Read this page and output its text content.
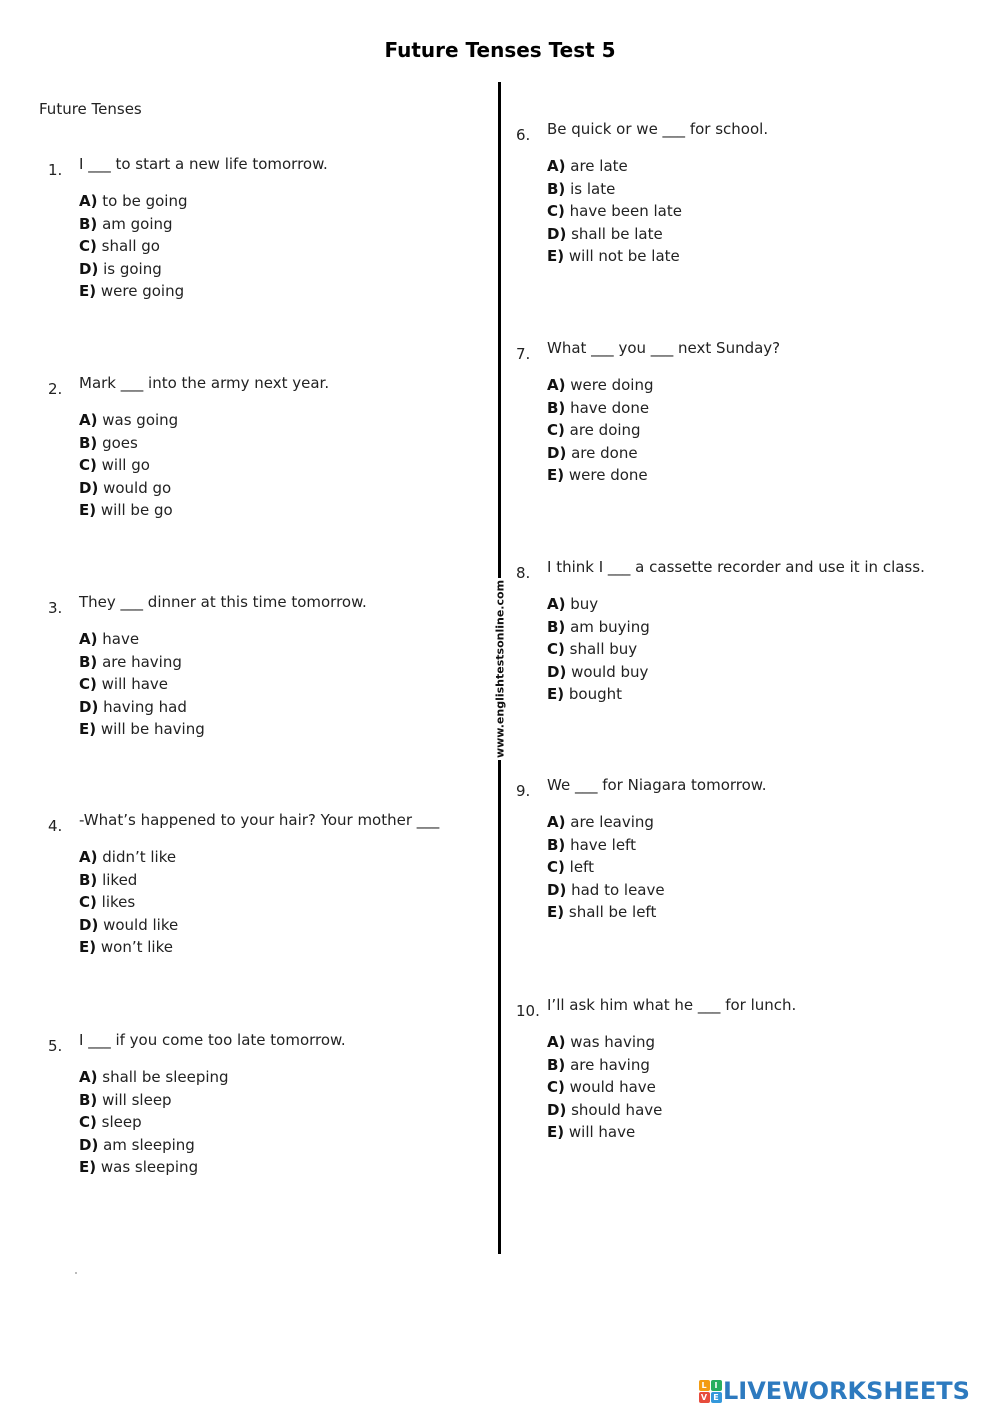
Future Tenses Test 5
Future Tenses
www.englishtestsonline.com
1. I ___ to start a new life tomorrow.
A) to be going
B) am going
C) shall go
D) is going
E) were going
2. Mark ___ into the army next year.
A) was going
B) goes
C) will go
D) would go
E) will be go
3. They ___ dinner at this time tomorrow.
A) have
B) are having
C) will have
D) having had
E) will be having
4. -What’s happened to your hair? Your mother ___
A) didn’t like
B) liked
C) likes
D) would like
E) won’t like
5. I ___ if you come too late tomorrow.
A) shall be sleeping
B) will sleep
C) sleep
D) am sleeping
E) was sleeping
6. Be quick or we ___ for school.
A) are late
B) is late
C) have been late
D) shall be late
E) will not be late
7. What ___ you ___ next Sunday?
A) were doing
B) have done
C) are doing
D) are done
E) were done
8. I think I ___ a cassette recorder and use it in class.
A) buy
B) am buying
C) shall buy
D) would buy
E) bought
9. We ___ for Niagara tomorrow.
A) are leaving
B) have left
C) left
D) had to leave
E) shall be left
10. I’ll ask him what he ___ for lunch.
A) was having
B) are having
C) would have
D) should have
E) will have
L I
V E LIVEWORKSHEETS
